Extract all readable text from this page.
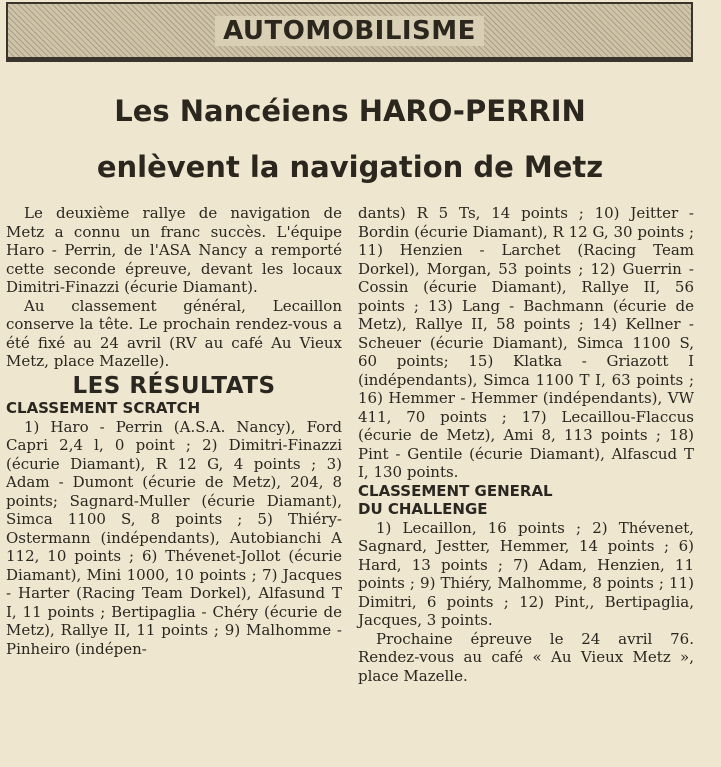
AUTOMOBILISME
Les Nancéiens HARO-PERRIN
enlèvent la navigation de Metz

Le deuxième rallye de navigation de Metz a connu un franc succès. L'équipe Haro - Perrin, de l'ASA Nancy a remporté cette seconde épreuve, devant les locaux Dimitri-Finazzi (écurie Diamant).

Au classement général, Lecaillon conserve la tête. Le prochain rendez-vous a été fixé au 24 avril (RV au café Au Vieux Metz, place Mazelle).

LES RÉSULTATS

CLASSEMENT SCRATCH

1) Haro - Perrin (A.S.A. Nancy), Ford Capri 2,4 l, 0 point ; 2) Dimitri-Finazzi (écurie Diamant), R 12 G, 4 points ; 3) Adam - Dumont (écurie de Metz), 204, 8 points; Sagnard-Muller (écurie Diamant), Simca 1100 S, 8 points ; 5) Thiéry-Ostermann (indépendants), Autobianchi A 112, 10 points ; 6) Thévenet-Jollot (écurie Diamant), Mini 1000, 10 points ; 7) Jacques - Harter (Racing Team Dorkel), Alfasund T I, 11 points ; Bertipaglia - Chéry (écurie de Metz), Rallye II, 11 points ; 9) Malhomme - Pinheiro (indépen-

dants) R 5 Ts, 14 points ; 10) Jeitter - Bordin (écurie Diamant), R 12 G, 30 points ; 11) Henzien - Larchet (Racing Team Dorkel), Morgan, 53 points ; 12) Guerrin - Cossin (écurie Diamant), Rallye II, 56 points ; 13) Lang - Bachmann (écurie de Metz), Rallye II, 58 points ; 14) Kellner - Scheuer (écurie Diamant), Simca 1100 S, 60 points; 15) Klatka - Griazott I (indépendants), Simca 1100 T I, 63 points ; 16) Hemmer - Hemmer (indépendants), VW 411, 70 points ; 17) Lecaillou-Flaccus (écurie de Metz), Ami 8, 113 points ; 18) Pint - Gentile (écurie Diamant), Alfascud T I, 130 points.

CLASSEMENT GENERAL

DU CHALLENGE

1) Lecaillon, 16 points ; 2) Thévenet, Sagnard, Jestter, Hemmer, 14 points ; 6) Hard, 13 points ; 7) Adam, Henzien, 11 points ; 9) Thiéry, Malhomme, 8 points ; 11) Dimitri, 6 points ; 12) Pint,, Bertipaglia, Jacques, 3 points.

Prochaine épreuve le 24 avril 76. Rendez-vous au café « Au Vieux Metz », place Mazelle.
